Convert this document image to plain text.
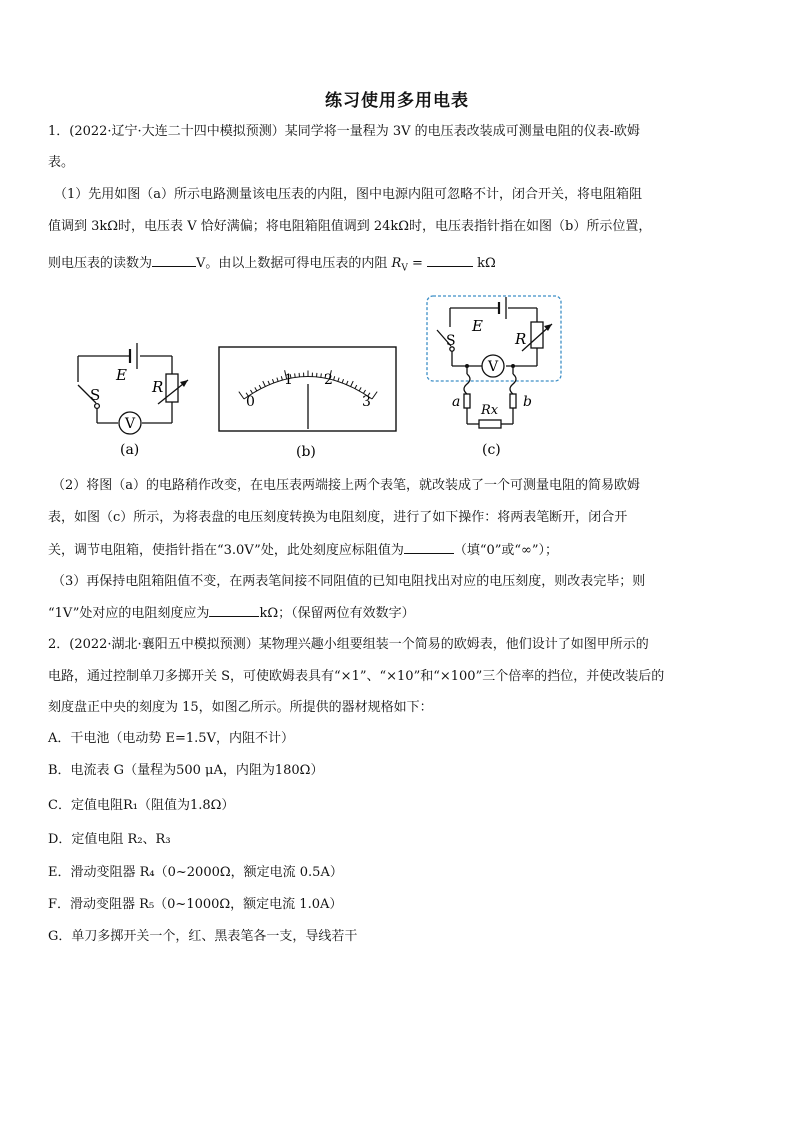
练习使用多用电表
1．(2022·辽宁·大连二十四中模拟预测）某同学将一量程为 3V 的电压表改装成可测量电阻的仪表-欧姆
表。
（1）先用如图（a）所示电路测量该电压表的内阻，图中电源内阻可忽略不计，闭合开关，将电阻箱阻
值调到 3kΩ时，电压表 V 恰好满偏；将电阻箱阻值调到 24kΩ时，电压表指针指在如图（b）所示位置，
则电压表的读数为	V。由以上数据可得电压表的内阻 $R_V$ =	kΩ
V
S
E
R
(a)
0
1 2
3
(b)
V
S
E
R
a	b
Rx
(c)
（2）将图（a）的电路稍作改变，在电压表两端接上两个表笔，就改装成了一个可测量电阻的简易欧姆
表，如图（c）所示，为将表盘的电压刻度转换为电阻刻度，进行了如下操作：将两表笔断开，闭合开
关，调节电阻箱，使指针指在“3.0V”处，此处刻度应标阻值为	（填“0”或“∞”）；
（3）再保持电阻箱阻值不变，在两表笔间接不同阻值的已知电阻找出对应的电压刻度，则改表完毕；则
“1V”处对应的电阻刻度应为	kΩ；（保留两位有效数字）
2．(2022·湖北·襄阳五中模拟预测）某物理兴趣小组要组装一个简易的欧姆表，他们设计了如图甲所示的
电路，通过控制单刀多掷开关 S，可使欧姆表具有“×1”、“×10”和“×100”三个倍率的挡位，并使改装后的
刻度盘正中央的刻度为 15，如图乙所示。所提供的器材规格如下：
A．干电池（电动势 E=1.5V，内阻不计）
B．电流表 G（量程为500 μA，内阻为180Ω）
C．定值电阻R₁（阻值为1.8Ω）
D．定值电阻 R₂、R₃
E．滑动变阻器 R₄（0~2000Ω，额定电流 0.5A）
F．滑动变阻器 R₅（0~1000Ω，额定电流 1.0A）
G．单刀多掷开关一个，红、黑表笔各一支，导线若干
